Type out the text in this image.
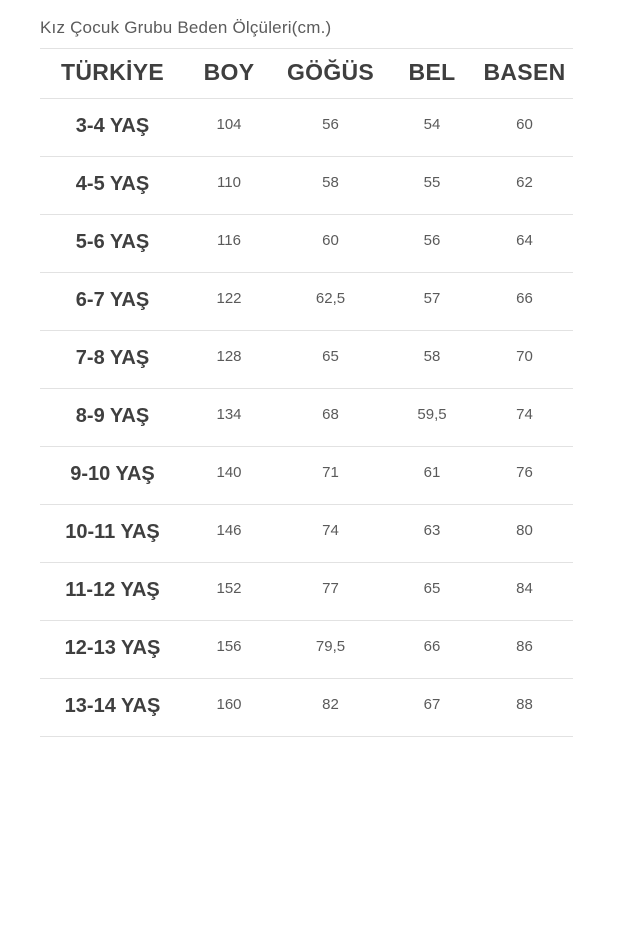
Kız Çocuk Grubu Beden Ölçüleri(cm.)
TÜRKİYE	BOY	GÖĞÜS	BEL	BASEN
3-4 YAŞ	104	56	54	60
4-5 YAŞ	110	58	55	62
5-6 YAŞ	116	60	56	64
6-7 YAŞ	122	62,5	57	66
7-8 YAŞ	128	65	58	70
8-9 YAŞ	134	68	59,5	74
9-10 YAŞ	140	71	61	76
10-11 YAŞ	146	74	63	80
11-12 YAŞ	152	77	65	84
12-13 YAŞ	156	79,5	66	86
13-14 YAŞ	160	82	67	88
